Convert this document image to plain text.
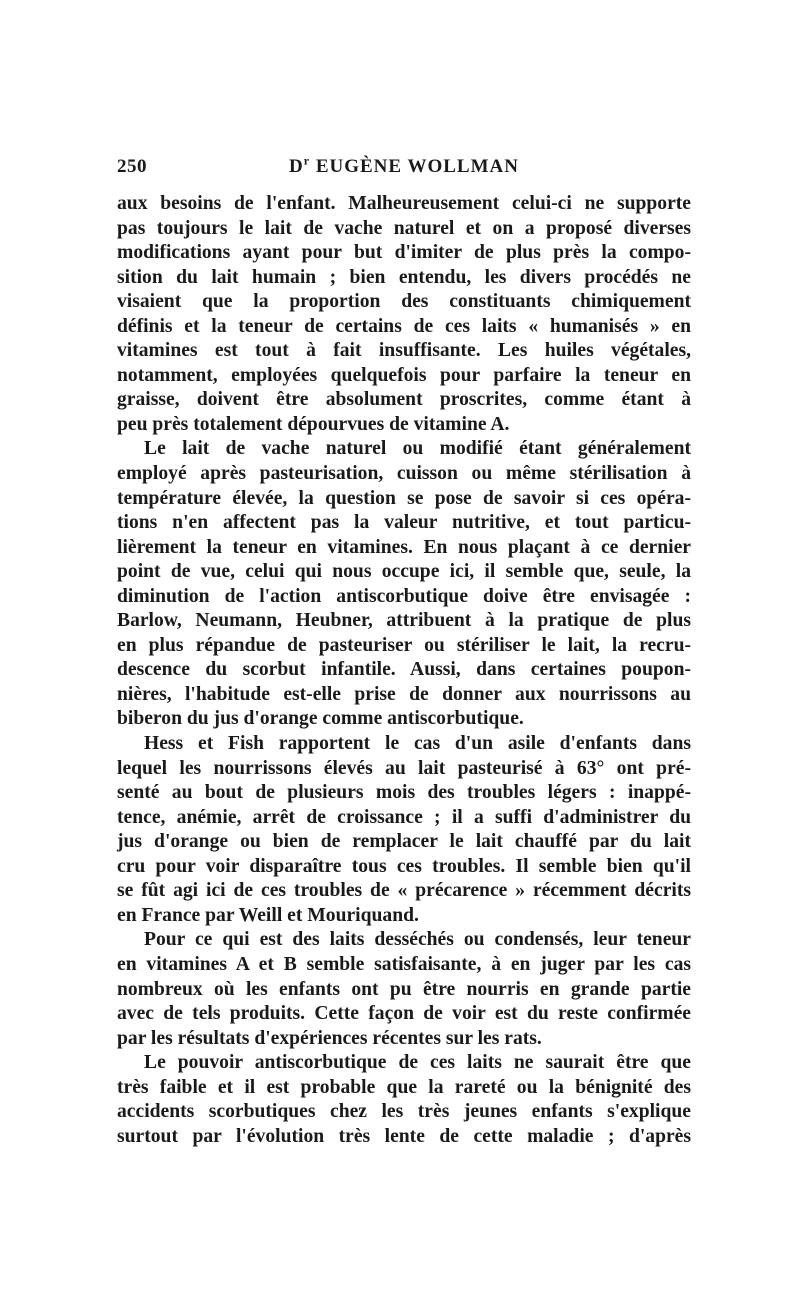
250	$D^r$ EUGÈNE WOLLMAN
aux besoins de l'enfant. Malheureusement celui-ci ne supporte
pas toujours le lait de vache naturel et on a proposé diverses
modifications ayant pour but d'imiter de plus près la compo-
sition du lait humain ; bien entendu, les divers procédés ne
visaient que la proportion des constituants chimiquement
définis et la teneur de certains de ces laits « humanisés » en
vitamines est tout à fait insuffisante. Les huiles végétales,
notamment, employées quelquefois pour parfaire la teneur en
graisse, doivent être absolument proscrites, comme étant à
peu près totalement dépourvues de vitamine A.
Le lait de vache naturel ou modifié étant généralement
employé après pasteurisation, cuisson ou même stérilisation à
température élevée, la question se pose de savoir si ces opéra-
tions n'en affectent pas la valeur nutritive, et tout particu-
lièrement la teneur en vitamines. En nous plaçant à ce dernier
point de vue, celui qui nous occupe ici, il semble que, seule, la
diminution de l'action antiscorbutique doive être envisagée :
Barlow, Neumann, Heubner, attribuent à la pratique de plus
en plus répandue de pasteuriser ou stériliser le lait, la recru-
descence du scorbut infantile. Aussi, dans certaines poupon-
nières, l'habitude est-elle prise de donner aux nourrissons au
biberon du jus d'orange comme antiscorbutique.
Hess et Fish rapportent le cas d'un asile d'enfants dans
lequel les nourrissons élevés au lait pasteurisé à 63° ont pré-
senté au bout de plusieurs mois des troubles légers : inappé-
tence, anémie, arrêt de croissance ; il a suffi d'administrer du
jus d'orange ou bien de remplacer le lait chauffé par du lait
cru pour voir disparaître tous ces troubles. Il semble bien qu'il
se fût agi ici de ces troubles de « précarence » récemment décrits
en France par Weill et Mouriquand.
Pour ce qui est des laits desséchés ou condensés, leur teneur
en vitamines A et B semble satisfaisante, à en juger par les cas
nombreux où les enfants ont pu être nourris en grande partie
avec de tels produits. Cette façon de voir est du reste confirmée
par les résultats d'expériences récentes sur les rats.
Le pouvoir antiscorbutique de ces laits ne saurait être que
très faible et il est probable que la rareté ou la bénignité des
accidents scorbutiques chez les très jeunes enfants s'explique
surtout par l'évolution très lente de cette maladie ; d'après
